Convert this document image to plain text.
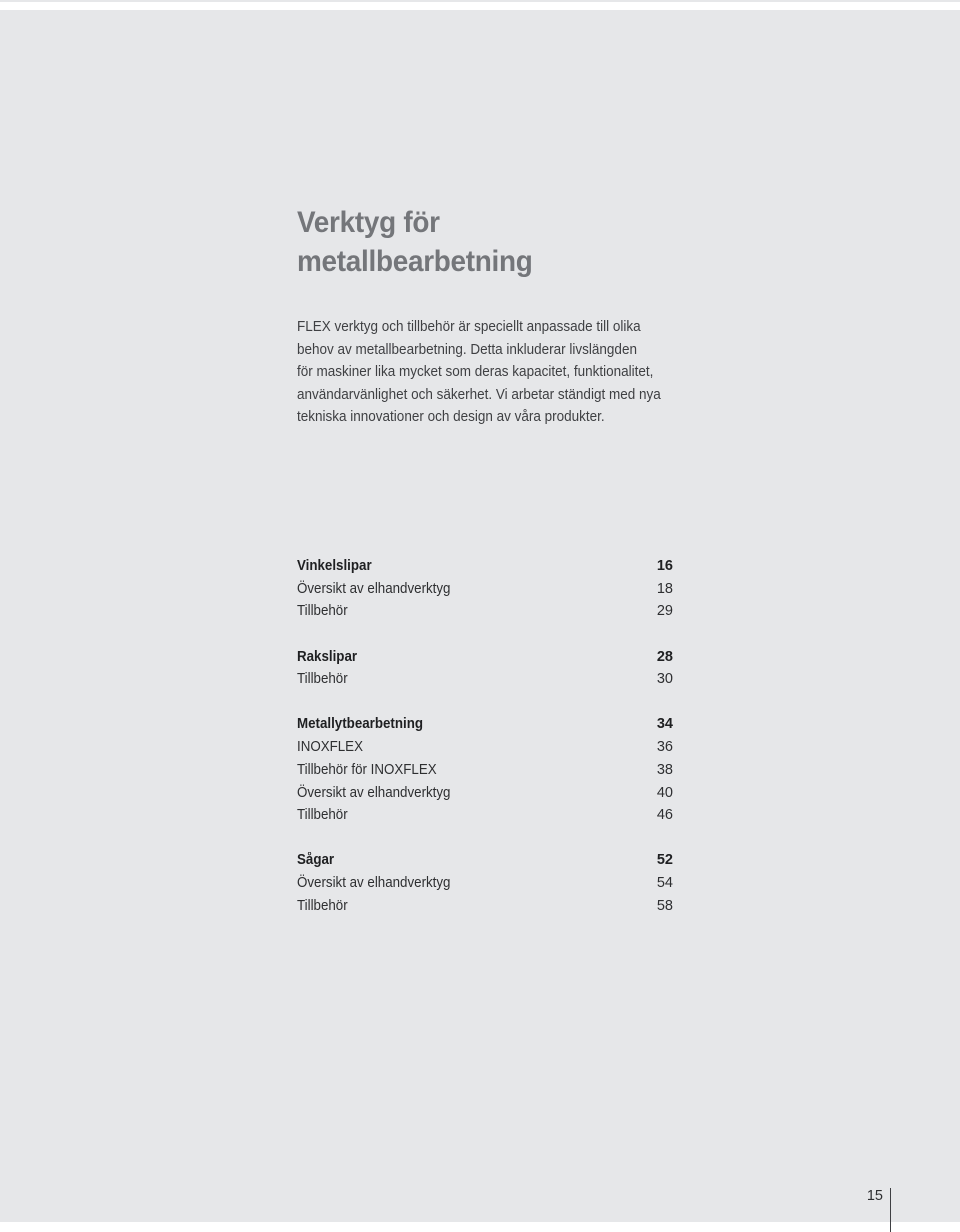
Verktyg för
metallbearbetning
FLEX verktyg och tillbehör är speciellt anpassade till olika
behov av metallbearbetning. Detta inkluderar livslängden
för maskiner lika mycket som deras kapacitet, funktionalitet,
användarvänlighet och säkerhet. Vi arbetar ständigt med nya
tekniska innovationer och design av våra produkter.
Vinkelslipar	16
Översikt av elhandverktyg	18
Tillbehör	29
Rakslipar	28
Tillbehör	30
Metallytbearbetning	34
INOXFLEX	36
Tillbehör för INOXFLEX	38
Översikt av elhandverktyg	40
Tillbehör	46
Sågar	52
Översikt av elhandverktyg	54
Tillbehör	58
15
